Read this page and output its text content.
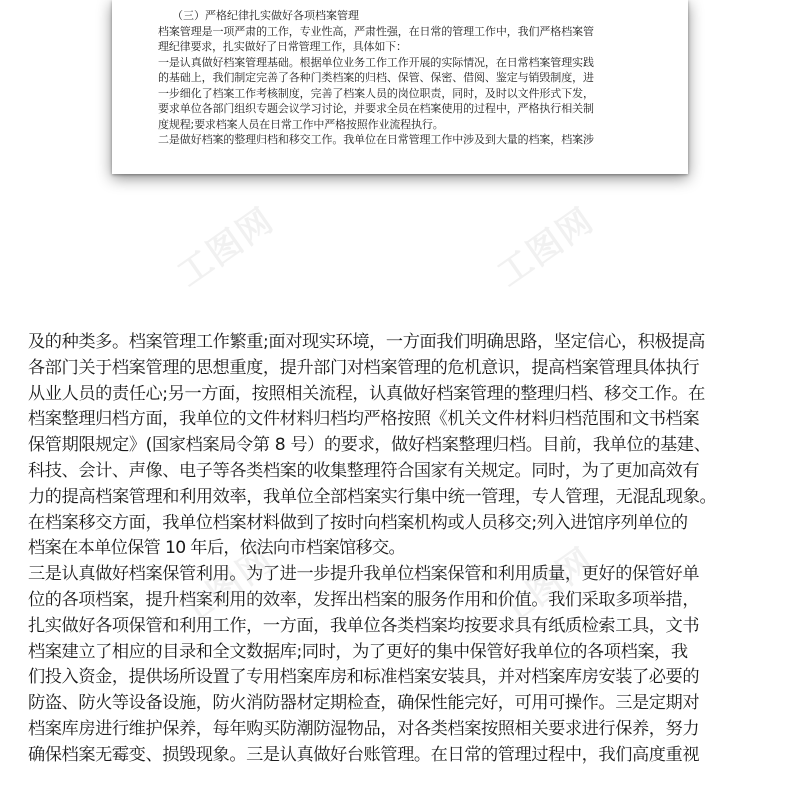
（三）严格纪律扎实做好各项档案管理

档案管理是一项严肃的工作，专业性高，严肃性强，在日常的管理工作中，我们严格档案管

理纪律要求，扎实做好了日常管理工作，具体如下：

一是认真做好档案管理基础。根据单位业务工作工作开展的实际情况，在日常档案管理实践

的基础上，我们制定完善了各种门类档案的归档、保管、保密、借阅、鉴定与销毁制度，进

一步细化了档案工作考核制度，完善了档案人员的岗位职责，同时，及时以文件形式下发，

要求单位各部门组织专题会议学习讨论，并要求全员在档案使用的过程中，严格执行相关制

度规程;要求档案人员在日常工作中严格按照作业流程执行。

二是做好档案的整理归档和移交工作。我单位在日常管理工作中涉及到大量的档案，档案涉

工图网	工图网
工图网	工图网

及的种类多。档案管理工作繁重;面对现实环境，一方面我们明确思路，坚定信心，积极提高

各部门关于档案管理的思想重度，提升部门对档案管理的危机意识，提高档案管理具体执行

从业人员的责任心;另一方面，按照相关流程，认真做好档案管理的整理归档、移交工作。在

档案整理归档方面，我单位的文件材料归档均严格按照《机关文件材料归档范围和文书档案

保管期限规定》(国家档案局令第 8 号）的要求，做好档案整理归档。目前，我单位的基建、

科技、会计、声像、电子等各类档案的收集整理符合国家有关规定。同时，为了更加高效有

力的提高档案管理和利用效率，我单位全部档案实行集中统一管理，专人管理，无混乱现象。

在档案移交方面，我单位档案材料做到了按时向档案机构或人员移交;列入进馆序列单位的

档案在本单位保管 10 年后，依法向市档案馆移交。

三是认真做好档案保管利用。为了进一步提升我单位档案保管和利用质量，更好的保管好单

位的各项档案，提升档案利用的效率，发挥出档案的服务作用和价值。我们采取多项举措，

扎实做好各项保管和利用工作，一方面，我单位各类档案均按要求具有纸质检索工具，文书

档案建立了相应的目录和全文数据库;同时，为了更好的集中保管好我单位的各项档案，我

们投入资金，提供场所设置了专用档案库房和标准档案安装具，并对档案库房安装了必要的

防盗、防火等设备设施，防火消防器材定期检查，确保性能完好，可用可操作。三是定期对

档案库房进行维护保养，每年购买防潮防湿物品，对各类档案按照相关要求进行保养，努力

确保档案无霉变、损毁现象。三是认真做好台账管理。在日常的管理过程中，我们高度重视
